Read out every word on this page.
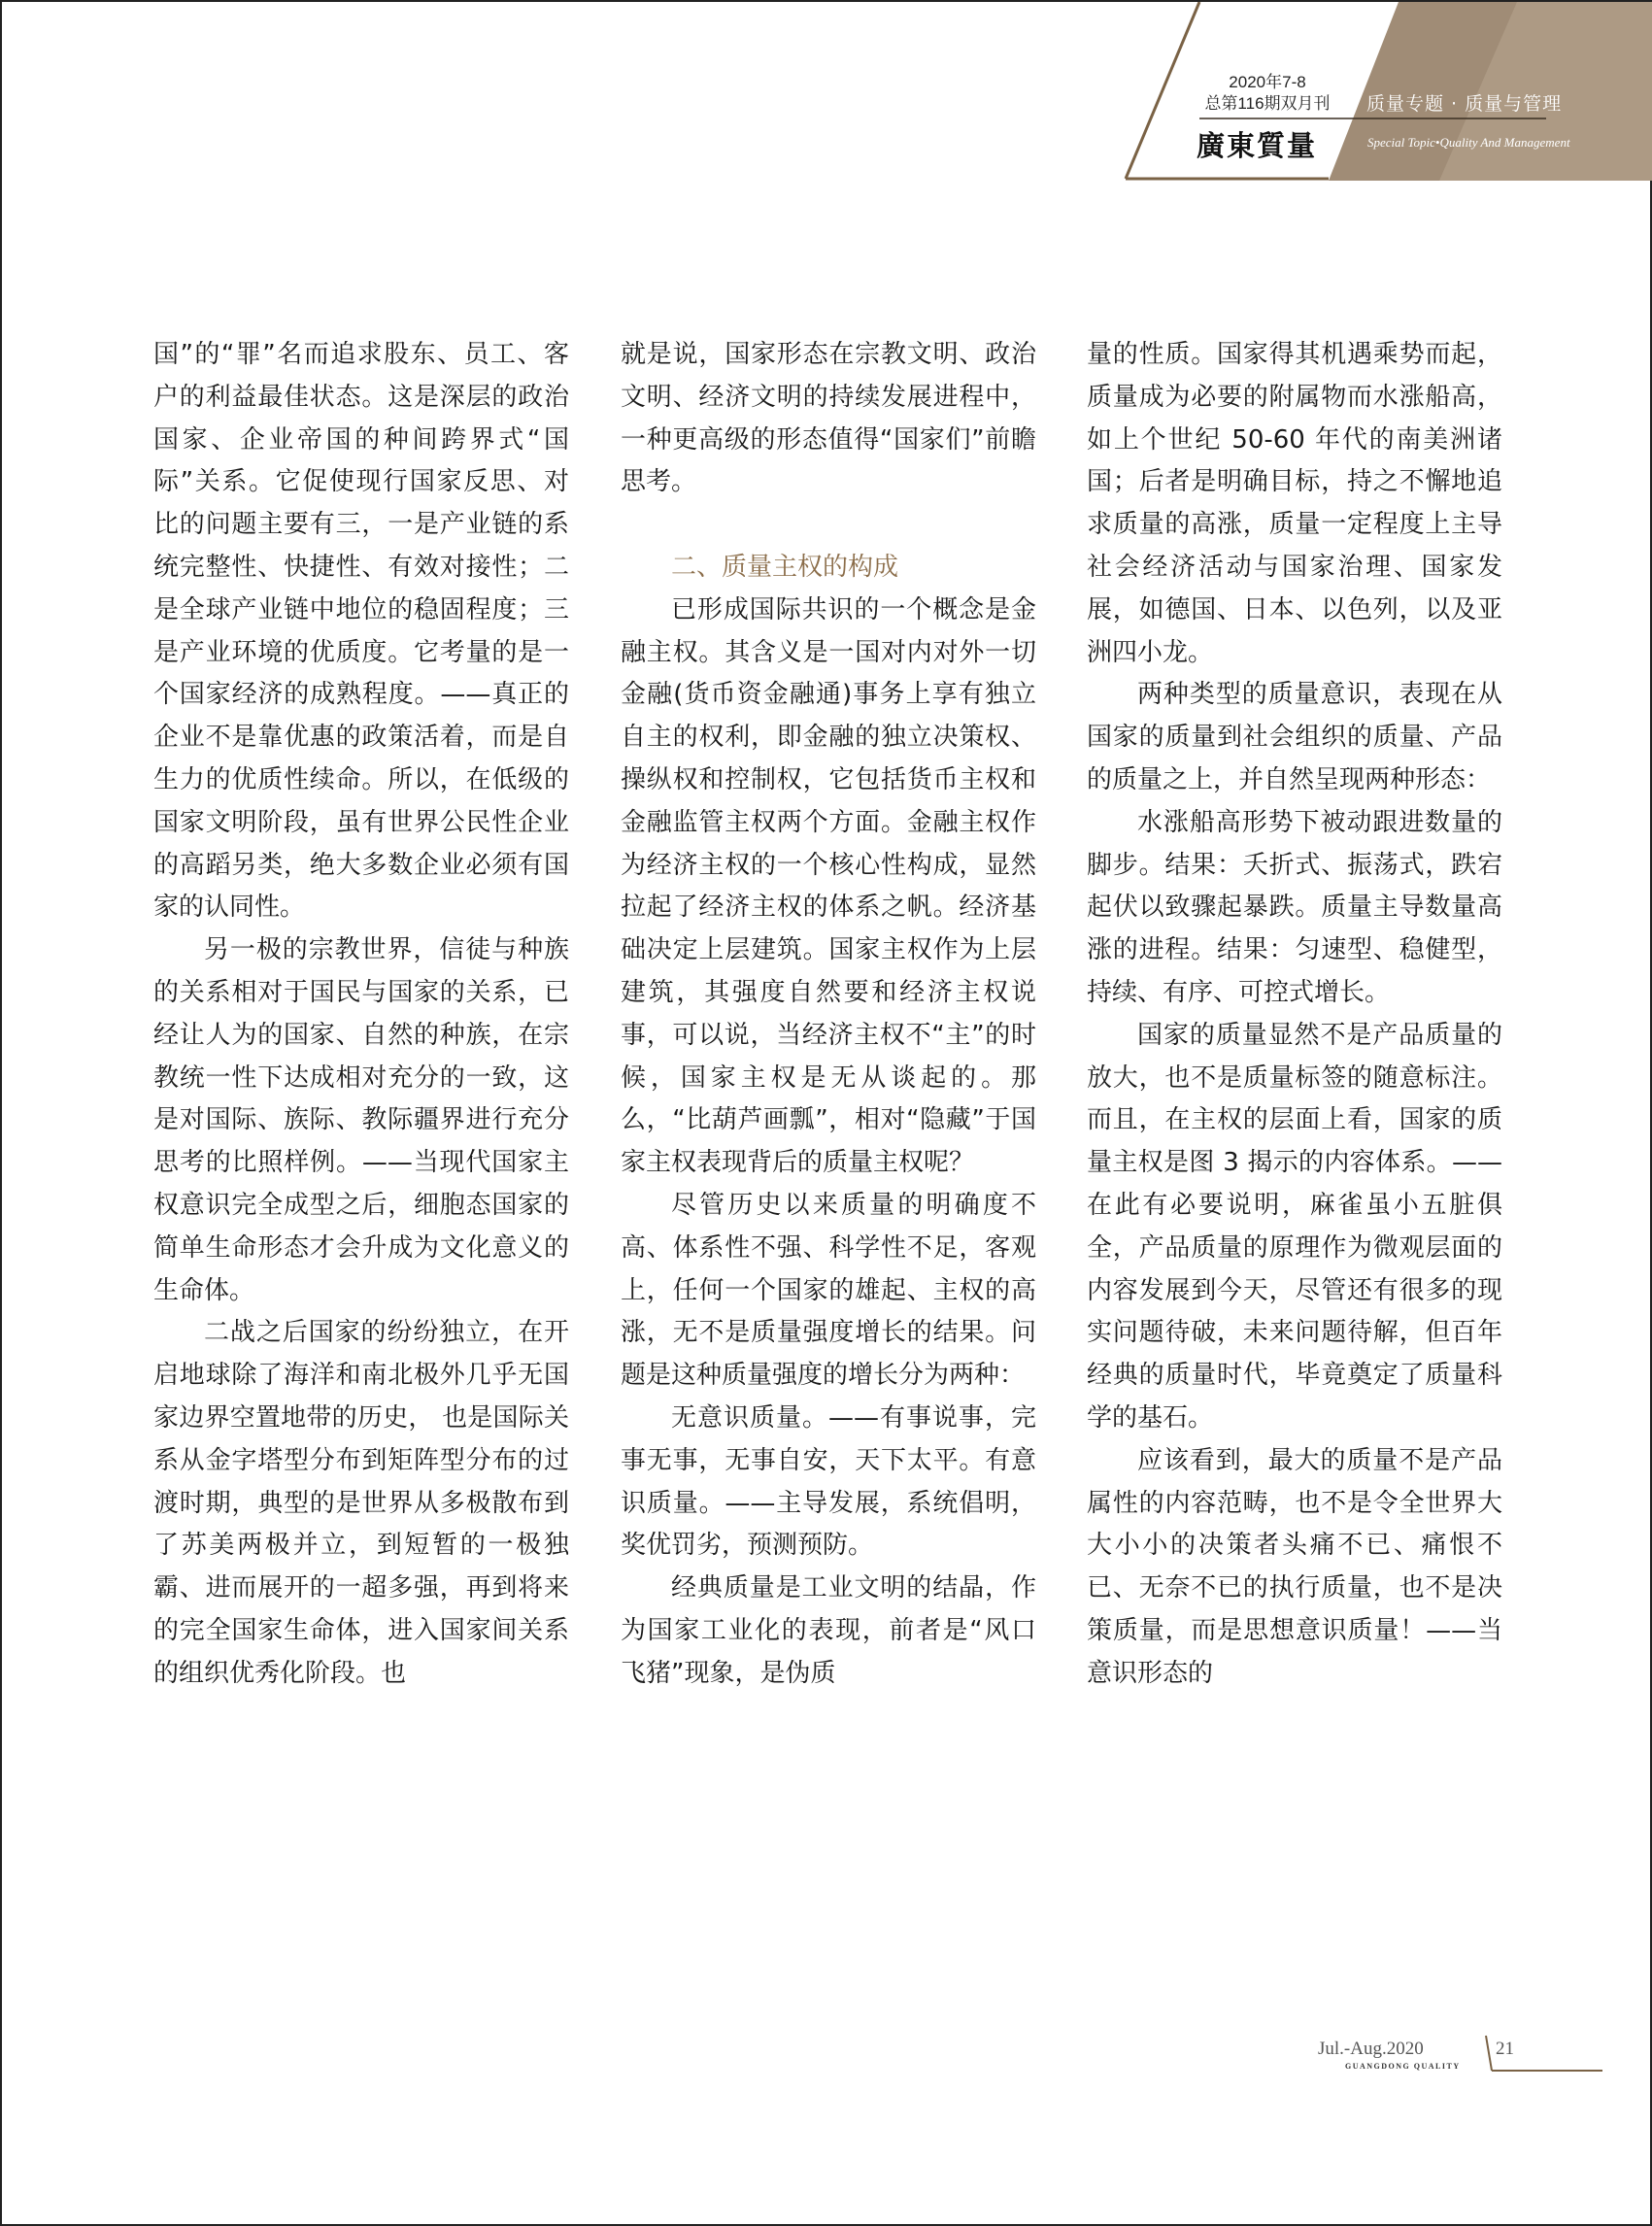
2020年7-8
总第116期双月刊	质量专题 · 质量与管理
Special Topic•Quality And Management
廣東質量

国”的“罪”名而追求股东、员工、客户的利益最佳状态。这是深层的政治国家、企业帝国的种间跨界式“国际”关系。它促使现行国家反思、对比的问题主要有三，一是产业链的系统完整性、快捷性、有效对接性；二是全球产业链中地位的稳固程度；三是产业环境的优质度。它考量的是一个国家经济的成熟程度。——真正的企业不是靠优惠的政策活着，而是自生力的优质性续命。所以，在低级的国家文明阶段，虽有世界公民性企业的高蹈另类，绝大多数企业必须有国家的认同性。

另一极的宗教世界，信徒与种族的关系相对于国民与国家的关系，已经让人为的国家、自然的种族，在宗教统一性下达成相对充分的一致，这是对国际、族际、教际疆界进行充分思考的比照样例。——当现代国家主权意识完全成型之后，细胞态国家的简单生命形态才会升成为文化意义的生命体。

二战之后国家的纷纷独立，在开启地球除了海洋和南北极外几乎无国家边界空置地带的历史， 也是国际关系从金字塔型分布到矩阵型分布的过渡时期，典型的是世界从多极散布到了苏美两极并立，到短暂的一极独霸、进而展开的一超多强，再到将来的完全国家生命体，进入国家间关系的组织优秀化阶段。也

就是说，国家形态在宗教文明、政治文明、经济文明的持续发展进程中，一种更高级的形态值得“国家们”前瞻思考。

二、质量主权的构成

已形成国际共识的一个概念是金融主权。其含义是一国对内对外一切金融(货币资金融通)事务上享有独立自主的权利，即金融的独立决策权、操纵权和控制权，它包括货币主权和金融监管主权两个方面。金融主权作为经济主权的一个核心性构成，显然拉起了经济主权的体系之帆。经济基础决定上层建筑。国家主权作为上层建筑，其强度自然要和经济主权说事，可以说，当经济主权不“主”的时候，国家主权是无从谈起的。那么，“比葫芦画瓢”，相对“隐藏”于国家主权表现背后的质量主权呢？

尽管历史以来质量的明确度不高、体系性不强、科学性不足，客观上，任何一个国家的雄起、主权的高涨，无不是质量强度增长的结果。问题是这种质量强度的增长分为两种：

无意识质量。——有事说事，完事无事，无事自安，天下太平。有意识质量。——主导发展，系统倡明，奖优罚劣，预测预防。

经典质量是工业文明的结晶，作为国家工业化的表现，前者是“风口飞猪”现象，是伪质

量的性质。国家得其机遇乘势而起，质量成为必要的附属物而水涨船高，如上个世纪 50-60 年代的南美洲诸国；后者是明确目标，持之不懈地追求质量的高涨，质量一定程度上主导社会经济活动与国家治理、国家发展，如德国、日本、以色列，以及亚洲四小龙。

两种类型的质量意识，表现在从国家的质量到社会组织的质量、产品的质量之上，并自然呈现两种形态：

水涨船高形势下被动跟进数量的脚步。结果：夭折式、振荡式，跌宕起伏以致骤起暴跌。质量主导数量高涨的进程。结果：匀速型、稳健型，持续、有序、可控式增长。

国家的质量显然不是产品质量的放大，也不是质量标签的随意标注。而且，在主权的层面上看，国家的质量主权是图 3 揭示的内容体系。——在此有必要说明，麻雀虽小五脏俱全，产品质量的原理作为微观层面的内容发展到今天，尽管还有很多的现实问题待破，未来问题待解，但百年经典的质量时代，毕竟奠定了质量科学的基石。

应该看到，最大的质量不是产品属性的内容范畴，也不是令全世界大大小小的决策者头痛不已、痛恨不已、无奈不已的执行质量，也不是决策质量，而是思想意识质量！——当意识形态的

Jul.-Aug.2020
GUANGDONG QUALITY
21
